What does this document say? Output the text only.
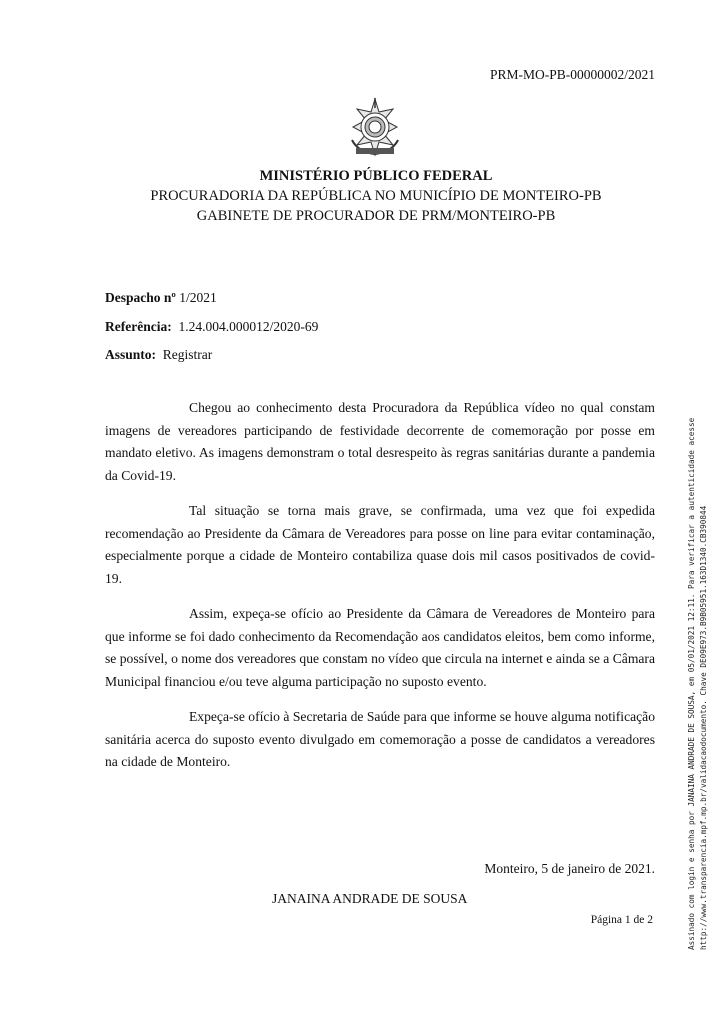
PRM-MO-PB-00000002/2021
MINISTÉRIO PÚBLICO FEDERAL
PROCURADORIA DA REPÚBLICA NO MUNICÍPIO DE MONTEIRO-PB
GABINETE DE PROCURADOR DE PRM/MONTEIRO-PB
Despacho nº 1/2021
Referência: 1.24.004.000012/2020-69
Assunto: Registrar

Chegou ao conhecimento desta Procuradora da República vídeo no qual constam imagens de vereadores participando de festividade decorrente de comemoração por posse em mandato eletivo. As imagens demonstram o total desrespeito às regras sanitárias durante a pandemia da Covid-19.

Tal situação se torna mais grave, se confirmada, uma vez que foi expedida recomendação ao Presidente da Câmara de Vereadores para posse on line para evitar contaminação, especialmente porque a cidade de Monteiro contabiliza quase dois mil casos positivados de covid-19.

Assim, expeça-se ofício ao Presidente da Câmara de Vereadores de Monteiro para que informe se foi dado conhecimento da Recomendação aos candidatos eleitos, bem como informe, se possível, o nome dos vereadores que constam no vídeo que circula na internet e ainda se a Câmara Municipal financiou e/ou teve alguma participação no suposto evento.

Expeça-se ofício à Secretaria de Saúde para que informe se houve alguma notificação sanitária acerca do suposto evento divulgado em comemoração a posse de candidatos a vereadores na cidade de Monteiro.

Monteiro, 5 de janeiro de 2021.
JANAINA ANDRADE DE SOUSA
Página 1 de 2	Assinado com login e senha por JANAINA ANDRADE DE SOUSA, em 05/01/2021 12:11. Para verificar a autenticidade acesse http://www.transparencia.mpf.mp.br/validacaodocumento. Chave DE09E973.B9B05951.163D1340.CB390844
